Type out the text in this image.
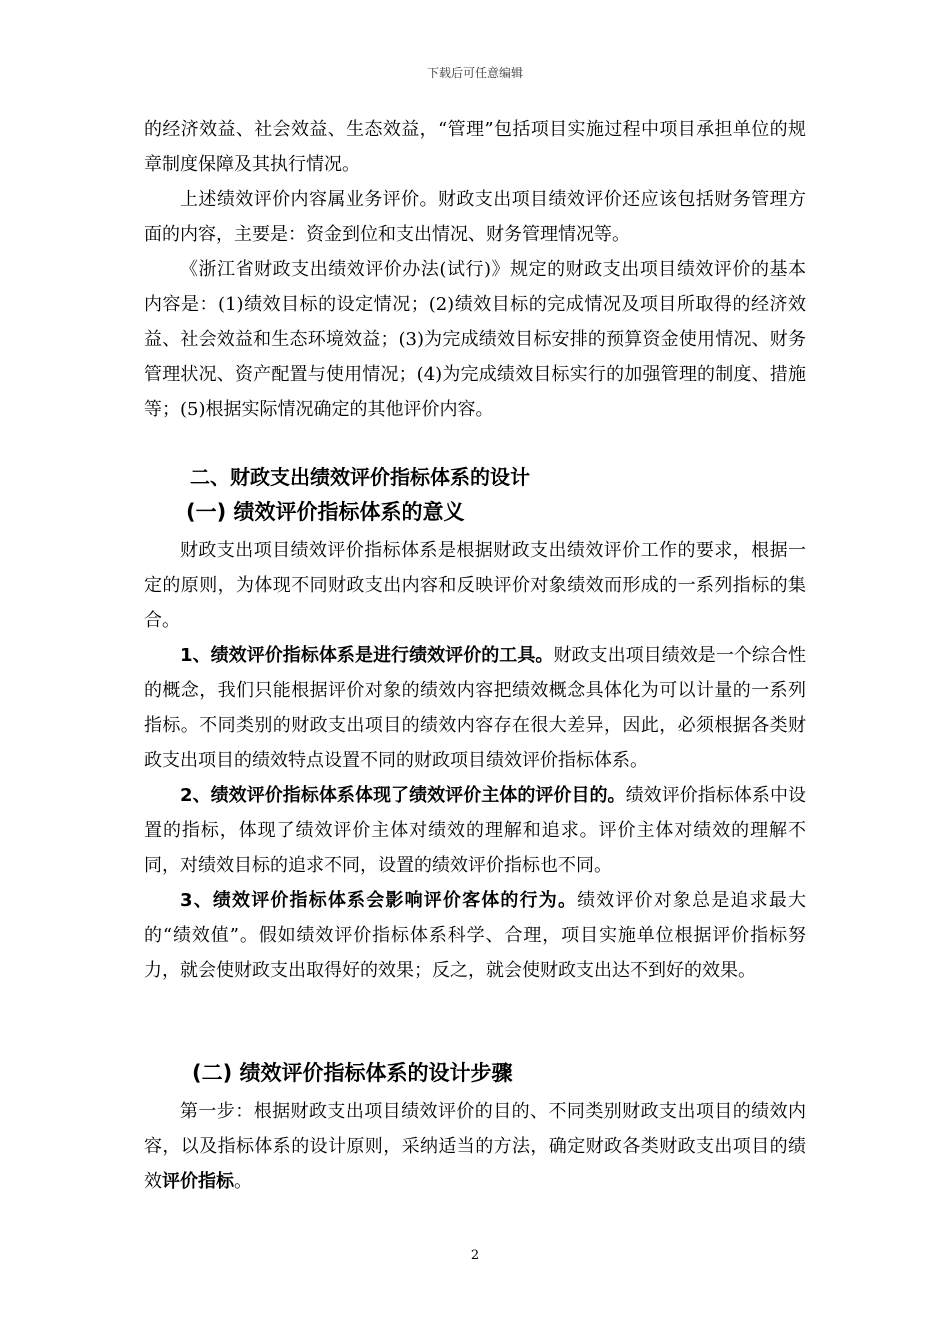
下载后可任意编辑

的经济效益、社会效益、生态效益，“管理”包括项目实施过程中项目承担单位的规章制度保障及其执行情况。

上述绩效评价内容属业务评价。财政支出项目绩效评价还应该包括财务管理方面的内容，主要是：资金到位和支出情况、财务管理情况等。

《浙江省财政支出绩效评价办法(试行)》规定的财政支出项目绩效评价的基本内容是：(1)绩效目标的设定情况；(2)绩效目标的完成情况及项目所取得的经济效益、社会效益和生态环境效益；(3)为完成绩效目标安排的预算资金使用情况、财务管理状况、资产配置与使用情况；(4)为完成绩效目标实行的加强管理的制度、措施等；(5)根据实际情况确定的其他评价内容。

二、财政支出绩效评价指标体系的设计
(一) 绩效评价指标体系的意义

财政支出项目绩效评价指标体系是根据财政支出绩效评价工作的要求，根据一定的原则，为体现不同财政支出内容和反映评价对象绩效而形成的一系列指标的集合。

1、绩效评价指标体系是进行绩效评价的工具。财政支出项目绩效是一个综合性的概念，我们只能根据评价对象的绩效内容把绩效概念具体化为可以计量的一系列指标。不同类别的财政支出项目的绩效内容存在很大差异，因此，必须根据各类财政支出项目的绩效特点设置不同的财政项目绩效评价指标体系。

2、绩效评价指标体系体现了绩效评价主体的评价目的。绩效评价指标体系中设置的指标，体现了绩效评价主体对绩效的理解和追求。评价主体对绩效的理解不同，对绩效目标的追求不同，设置的绩效评价指标也不同。

3、绩效评价指标体系会影响评价客体的行为。绩效评价对象总是追求最大的“绩效值”。假如绩效评价指标体系科学、合理，项目实施单位根据评价指标努力，就会使财政支出取得好的效果；反之，就会使财政支出达不到好的效果。

(二) 绩效评价指标体系的设计步骤

第一步：根据财政支出项目绩效评价的目的、不同类别财政支出项目的绩效内容，以及指标体系的设计原则，采纳适当的方法，确定财政各类财政支出项目的绩效评价指标。

2
